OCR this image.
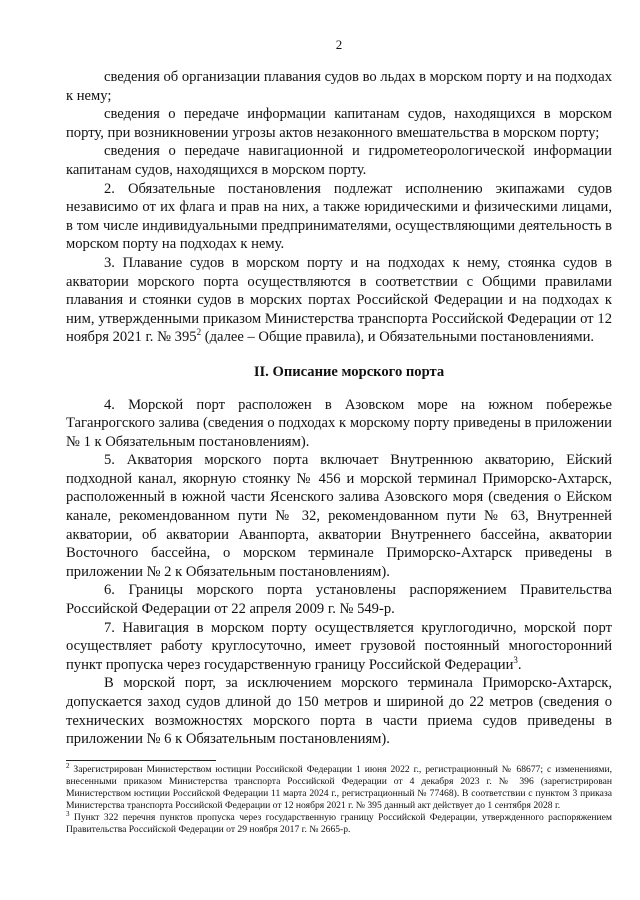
2

сведения об организации плавания судов во льдах в морском порту и на подходах к нему;

сведения о передаче информации капитанам судов, находящихся в морском порту, при возникновении угрозы актов незаконного вмешательства в морском порту;

сведения о передаче навигационной и гидрометеорологической информации капитанам судов, находящихся в морском порту.

2. Обязательные постановления подлежат исполнению экипажами судов независимо от их флага и прав на них, а также юридическими и физическими лицами, в том числе индивидуальными предпринимателями, осуществляющими деятельность в морском порту на подходах к нему.

3. Плавание судов в морском порту и на подходах к нему, стоянка судов в акватории морского порта осуществляются в соответствии с Общими правилами плавания и стоянки судов в морских портах Российской Федерации и на подходах к ним, утвержденными приказом Министерства транспорта Российской Федерации от 12 ноября 2021 г. № $395^2$ (далее – Общие правила), и Обязательными постановлениями.

II. Описание морского порта

4. Морской порт расположен в Азовском море на южном побережье Таганрогского залива (сведения о подходах к морскому порту приведены в приложении № 1 к Обязательным постановлениям).

5. Акватория морского порта включает Внутреннюю акваторию, Ейский подходной канал, якорную стоянку № 456 и морской терминал Приморско-Ахтарск, расположенный в южной части Ясенского залива Азовского моря (сведения о Ейском канале, рекомендованном пути № 32, рекомендованном пути № 63, Внутренней акватории, об акватории Аванпорта, акватории Внутреннего бассейна, акватории Восточного бассейна, о морском терминале Приморско-Ахтарск приведены в приложении № 2 к Обязательным постановлениям).

6. Границы морского порта установлены распоряжением Правительства Российской Федерации от 22 апреля 2009 г. № 549-р.

7. Навигация в морском порту осуществляется круглогодично, морской порт осуществляет работу круглосуточно, имеет грузовой постоянный многосторонний пункт пропуска через государственную границу Российской Федерации$^3$.

В морской порт, за исключением морского терминала Приморско-Ахтарск, допускается заход судов длиной до 150 метров и шириной до 22 метров (сведения о технических возможностях морского порта в части приема судов приведены в приложении № 6 к Обязательным постановлениям).

$^2$ Зарегистрирован Министерством юстиции Российской Федерации 1 июня 2022 г., регистрационный № 68677; с изменениями, внесенными приказом Министерства транспорта Российской Федерации от 4 декабря 2023 г. № 396 (зарегистрирован Министерством юстиции Российской Федерации 11 марта 2024 г., регистрационный № 77468). В соответствии с пунктом 3 приказа Министерства транспорта Российской Федерации от 12 ноября 2021 г. № 395 данный акт действует до 1 сентября 2028 г.

$^3$ Пункт 322 перечня пунктов пропуска через государственную границу Российской Федерации, утвержденного распоряжением Правительства Российской Федерации от 29 ноября 2017 г. № 2665-р.
